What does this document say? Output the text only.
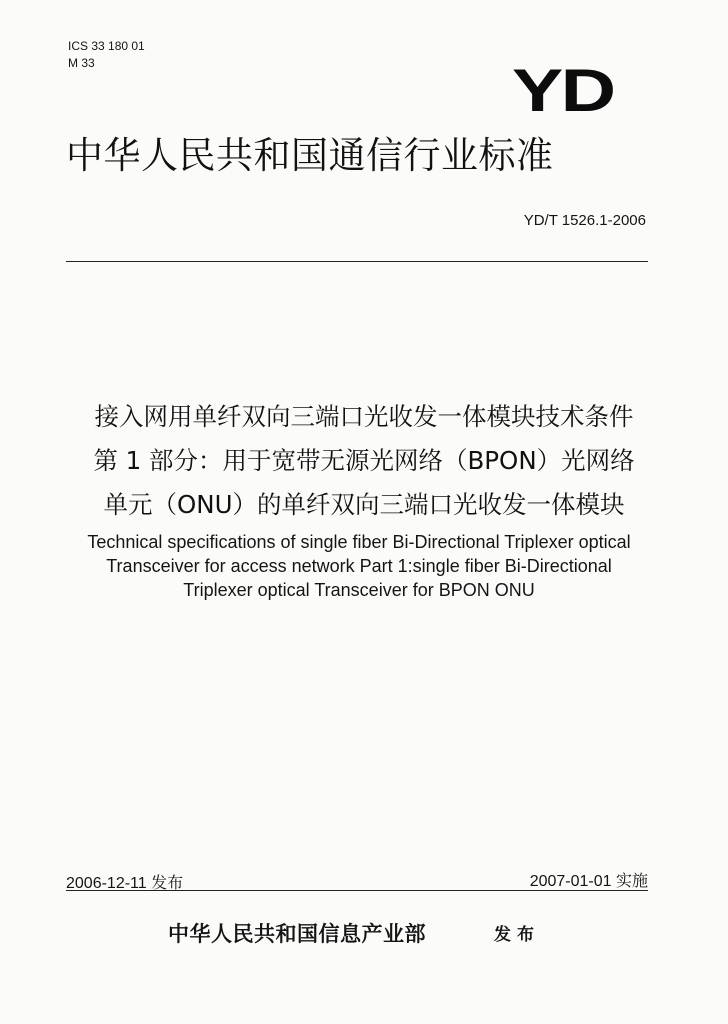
ICS 33 180 01
M 33	YD
中华人民共和国通信行业标准
YD/T 1526.1-2006
接入网用单纤双向三端口光收发一体模块技术条件
第 1 部分：用于宽带无源光网络（BPON）光网络
单元（ONU）的单纤双向三端口光收发一体模块
Technical specifications of single fiber Bi-Directional Triplexer optical
Transceiver for access network Part 1:single fiber Bi-Directional
Triplexer optical Transceiver for BPON ONU
2006-12-11 发布	2007-01-01 实施
中华人民共和国信息产业部	发布
